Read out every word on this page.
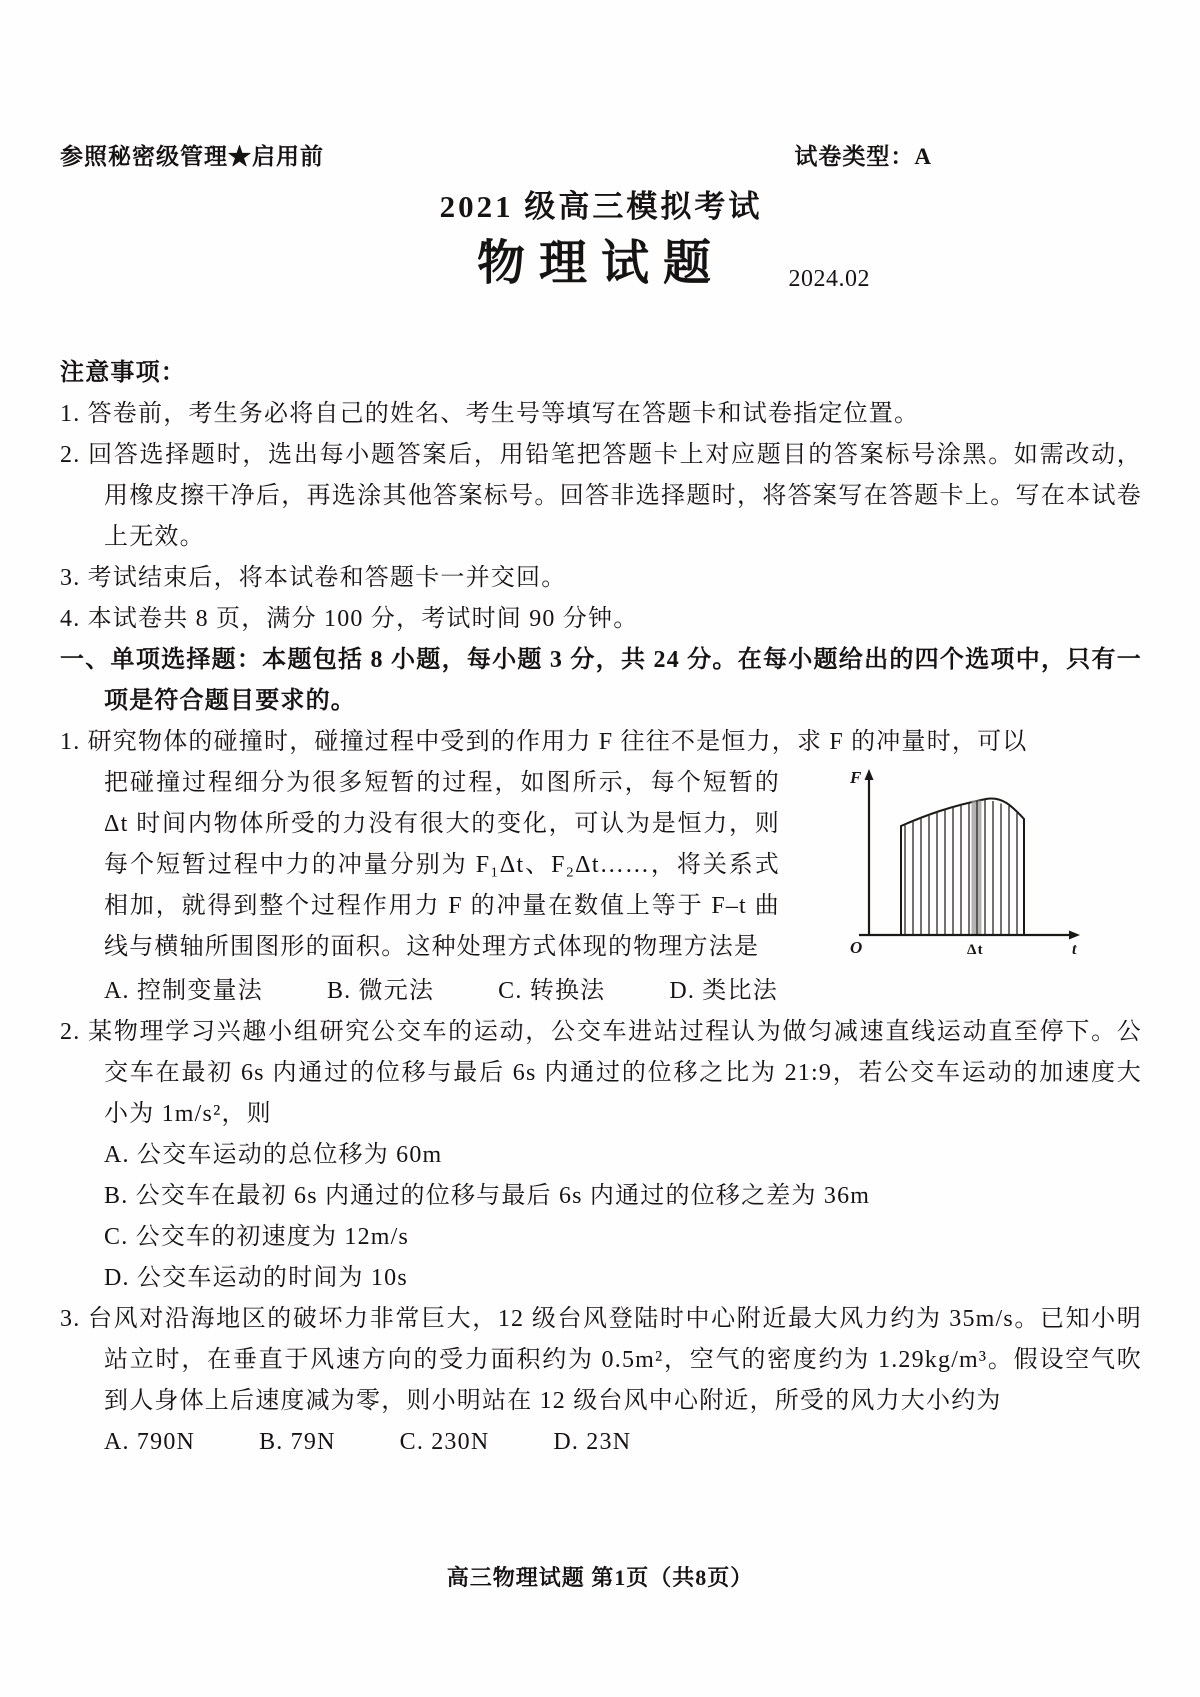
参照秘密级管理★启用前	试卷类型：A
2021 级高三模拟考试
物理试题	2024.02
注意事项：
1. 答卷前，考生务必将自己的姓名、考生号等填写在答题卡和试卷指定位置。
2. 回答选择题时，选出每小题答案后，用铅笔把答题卡上对应题目的答案标号涂黑。如需改动，用橡皮擦干净后，再选涂其他答案标号。回答非选择题时，将答案写在答题卡上。写在本试卷上无效。
3. 考试结束后，将本试卷和答题卡一并交回。
4. 本试卷共 8 页，满分 100 分，考试时间 90 分钟。
一、单项选择题：本题包括 8 小题，每小题 3 分，共 24 分。在每小题给出的四个选项中，只有一项是符合题目要求的。
1. 研究物体的碰撞时，碰撞过程中受到的作用力 F 往往不是恒力，求 F 的冲量时，可以
F
O	Δt	t
把碰撞过程细分为很多短暂的过程，如图所示，每个短暂的Δt 时间内物体所受的力没有很大的变化，可认为是恒力，则每个短暂过程中力的冲量分别为 F₁Δt、F₂Δt……，将关系式相加，就得到整个过程作用力 F 的冲量在数值上等于 F–t 曲线与横轴所围图形的面积。这种处理方式体现的物理方法是
A. 控制变量法	B. 微元法	C. 转换法	D. 类比法
2. 某物理学习兴趣小组研究公交车的运动，公交车进站过程认为做匀减速直线运动直至停下。公交车在最初 6s 内通过的位移与最后 6s 内通过的位移之比为 21:9，若公交车运动的加速度大小为 1m/s²，则
A. 公交车运动的总位移为 60m
B. 公交车在最初 6s 内通过的位移与最后 6s 内通过的位移之差为 36m
C. 公交车的初速度为 12m/s
D. 公交车运动的时间为 10s
3. 台风对沿海地区的破坏力非常巨大，12 级台风登陆时中心附近最大风力约为 35m/s。已知小明站立时，在垂直于风速方向的受力面积约为 0.5m²，空气的密度约为 1.29kg/m³。假设空气吹到人身体上后速度减为零，则小明站在 12 级台风中心附近，所受的风力大小约为
A. 790N	B. 79N	C. 230N	D. 23N
高三物理试题 第1页（共8页）
